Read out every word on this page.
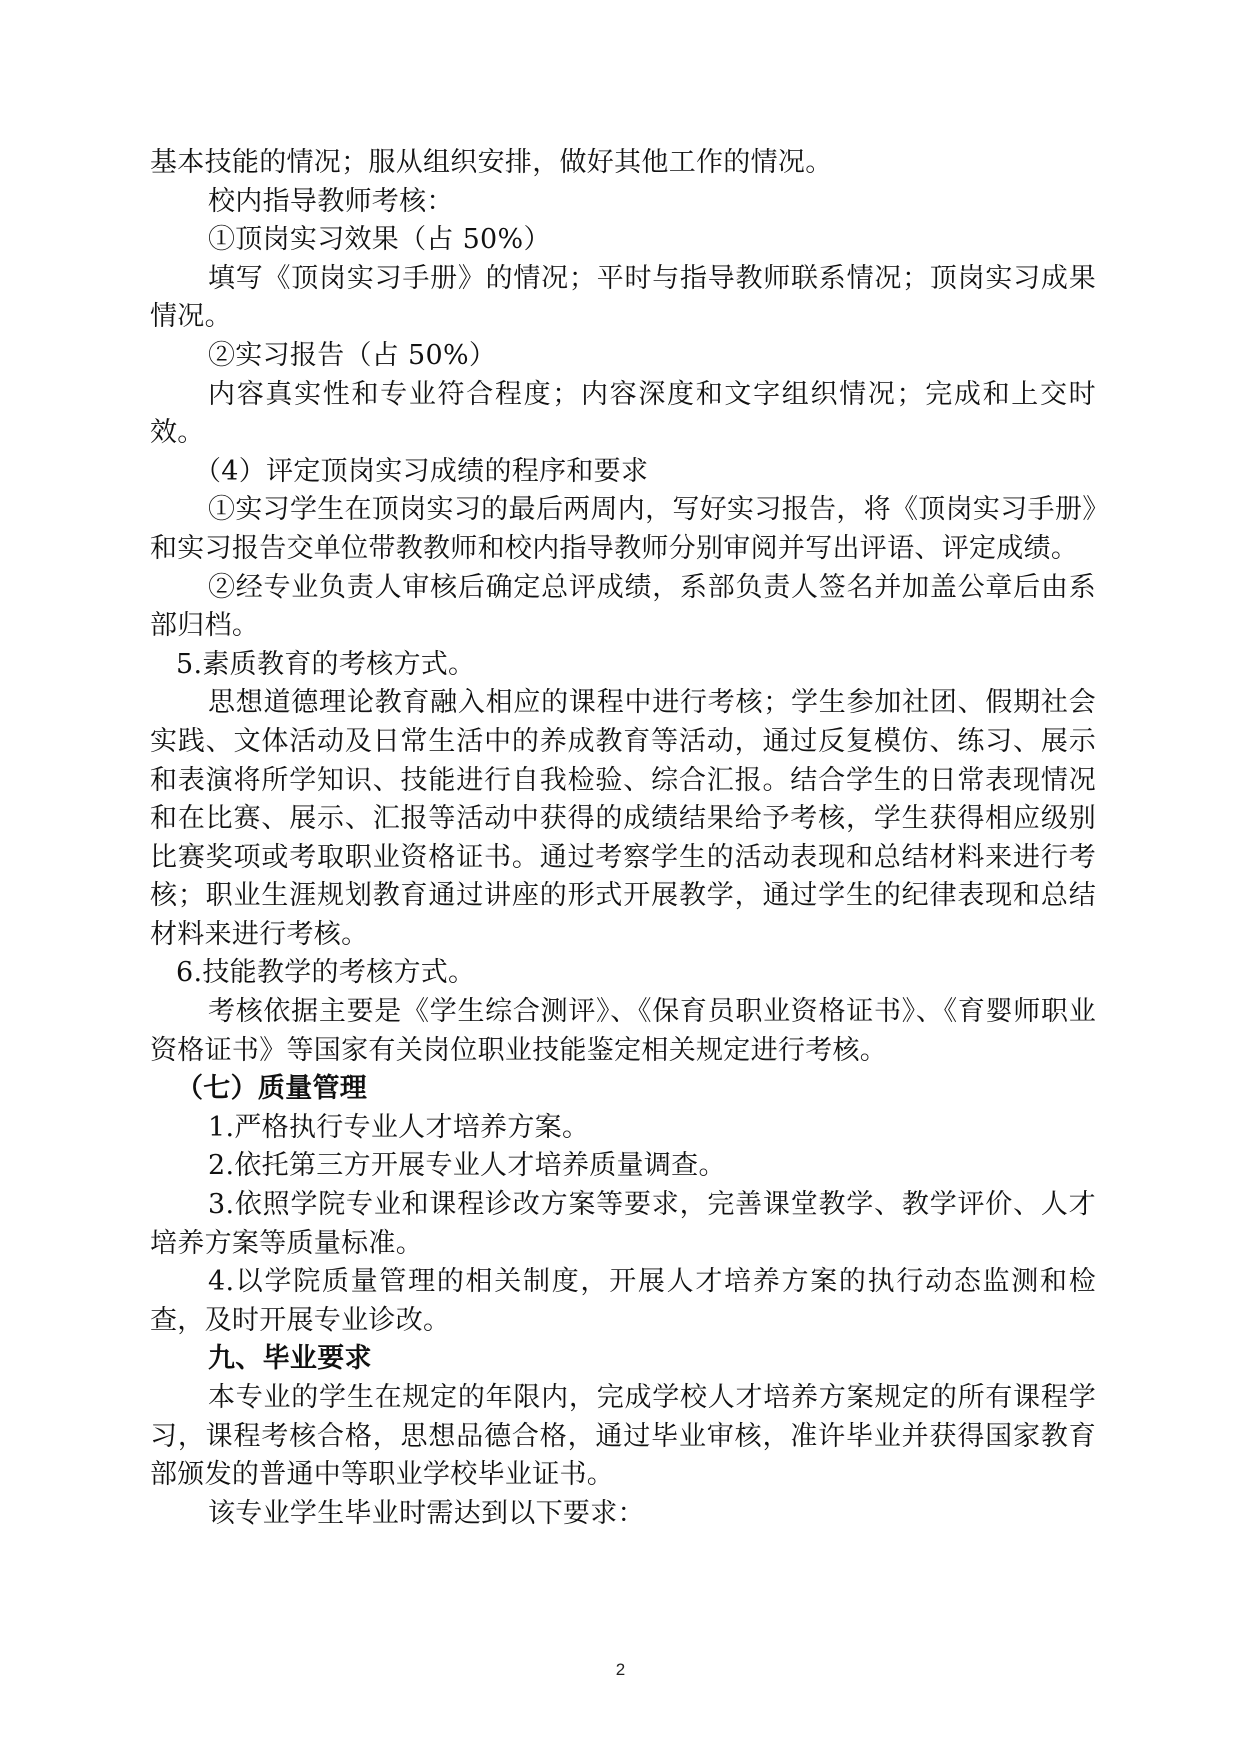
基本技能的情况；服从组织安排，做好其他工作的情况。

校内指导教师考核：

①顶岗实习效果（占 50%）

填写《顶岗实习手册》的情况；平时与指导教师联系情况；顶岗实习成果情况。

②实习报告（占 50%）

内容真实性和专业符合程度；内容深度和文字组织情况；完成和上交时效。

（4）评定顶岗实习成绩的程序和要求

①实习学生在顶岗实习的最后两周内，写好实习报告，将《顶岗实习手册》和实习报告交单位带教教师和校内指导教师分别审阅并写出评语、评定成绩。

②经专业负责人审核后确定总评成绩，系部负责人签名并加盖公章后由系部归档。

5.素质教育的考核方式。

思想道德理论教育融入相应的课程中进行考核；学生参加社团、假期社会实践、文体活动及日常生活中的养成教育等活动，通过反复模仿、练习、展示和表演将所学知识、技能进行自我检验、综合汇报。结合学生的日常表现情况和在比赛、展示、汇报等活动中获得的成绩结果给予考核，学生获得相应级别比赛奖项或考取职业资格证书。通过考察学生的活动表现和总结材料来进行考核；职业生涯规划教育通过讲座的形式开展教学，通过学生的纪律表现和总结材料来进行考核。

6.技能教学的考核方式。

考核依据主要是《学生综合测评》、《保育员职业资格证书》、《育婴师职业资格证书》等国家有关岗位职业技能鉴定相关规定进行考核。

（七）质量管理

1.严格执行专业人才培养方案。

2.依托第三方开展专业人才培养质量调查。

3.依照学院专业和课程诊改方案等要求，完善课堂教学、教学评价、人才培养方案等质量标准。

4.以学院质量管理的相关制度，开展人才培养方案的执行动态监测和检查，及时开展专业诊改。

九、毕业要求

本专业的学生在规定的年限内，完成学校人才培养方案规定的所有课程学习，课程考核合格，思想品德合格，通过毕业审核，准许毕业并获得国家教育部颁发的普通中等职业学校毕业证书。

该专业学生毕业时需达到以下要求：

2
